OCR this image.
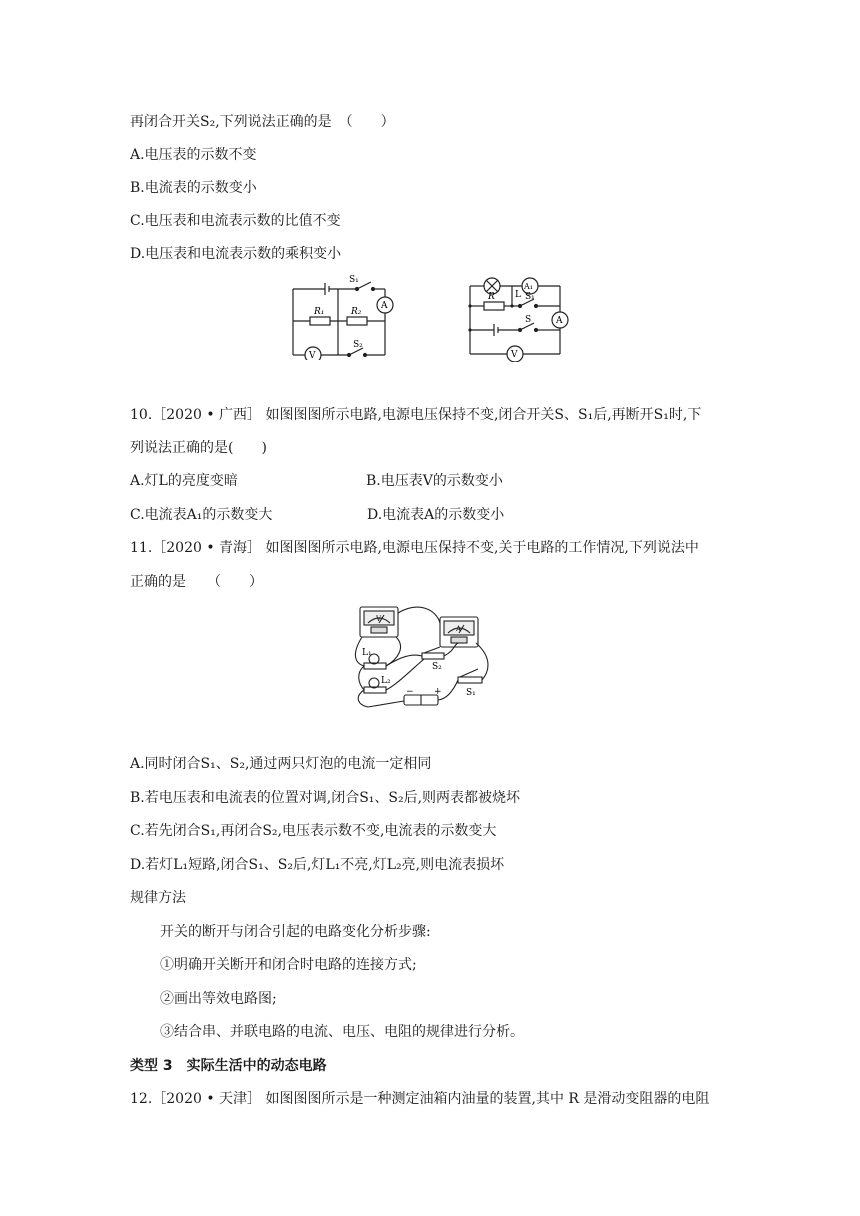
再闭合开关S₂,下列说法正确的是　（　　）
A.电压表的示数不变
B.电流表的示数变小
C.电压表和电流表示数的比值不变
D.电压表和电流表示数的乘积变小
S₁
R₁	R₂
S₂
A
V
A₁
R L S₁
S	A
V
10.［2020 • 广西］ 如图图图所示电路,电源电压保持不变,闭合开关S、S₁后,再断开S₁时,下
列说法正确的是(　　)
A.灯L的亮度变暗	B.电压表V的示数变小
C.电流表A₁的示数变大	D.电流表A的示数变小
11.［2020 • 青海］ 如图图图所示电路,电源电压保持不变,关于电路的工作情况,下列说法中
正确的是　　（　　）
V
A
L₁
L₂
S₂
S₁
− +
A.同时闭合S₁、S₂,通过两只灯泡的电流一定相同
B.若电压表和电流表的位置对调,闭合S₁、S₂后,则两表都被烧坏
C.若先闭合S₁,再闭合S₂,电压表示数不变,电流表的示数变大
D.若灯L₁短路,闭合S₁、S₂后,灯L₁不亮,灯L₂亮,则电流表损坏
规律方法
开关的断开与闭合引起的电路变化分析步骤:
①明确开关断开和闭合时电路的连接方式;
②画出等效电路图;
③结合串、并联电路的电流、电压、电阻的规律进行分析。
类型 3　实际生活中的动态电路
12.［2020 • 天津］ 如图图图所示是一种测定油箱内油量的装置,其中 R 是滑动变阻器的电阻
